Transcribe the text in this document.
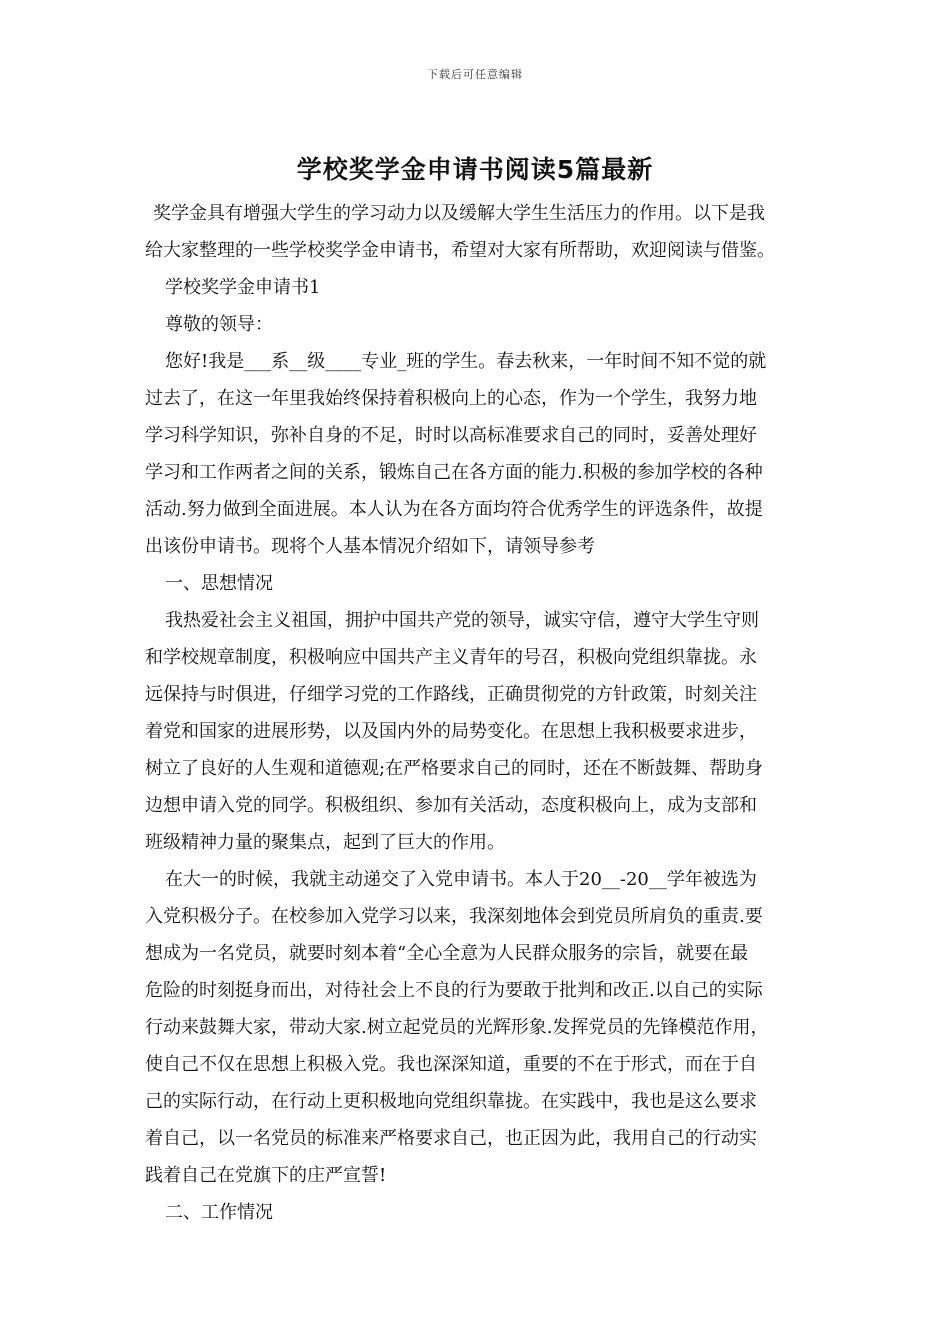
下载后可任意编辑
学校奖学金申请书阅读5篇最新
奖学金具有增强大学生的学习动力以及缓解大学生生活压力的作用。以下是我
给大家整理的一些学校奖学金申请书，希望对大家有所帮助，欢迎阅读与借鉴。
学校奖学金申请书1
尊敬的领导：
您好!我是___系__级____专业_班的学生。春去秋来，一年时间不知不觉的就
过去了，在这一年里我始终保持着积极向上的心态，作为一个学生，我努力地
学习科学知识，弥补自身的不足，时时以高标准要求自己的同时，妥善处理好
学习和工作两者之间的关系，锻炼自己在各方面的能力.积极的参加学校的各种
活动.努力做到全面进展。本人认为在各方面均符合优秀学生的评选条件，故提
出该份申请书。现将个人基本情况介绍如下，请领导参考
一、思想情况
我热爱社会主义祖国，拥护中国共产党的领导，诚实守信，遵守大学生守则
和学校规章制度，积极响应中国共产主义青年的号召，积极向党组织靠拢。永
远保持与时俱进，仔细学习党的工作路线，正确贯彻党的方针政策，时刻关注
着党和国家的进展形势，以及国内外的局势变化。在思想上我积极要求进步，
树立了良好的人生观和道德观;在严格要求自己的同时，还在不断鼓舞、帮助身
边想申请入党的同学。积极组织、参加有关活动，态度积极向上，成为支部和
班级精神力量的聚集点，起到了巨大的作用。
在大一的时候，我就主动递交了入党申请书。本人于20__-20__学年被选为
入党积极分子。在校参加入党学习以来，我深刻地体会到党员所肩负的重责.要
想成为一名党员，就要时刻本着“全心全意为人民群众服务的宗旨，就要在最
危险的时刻挺身而出，对待社会上不良的行为要敢于批判和改正.以自己的实际
行动来鼓舞大家，带动大家.树立起党员的光辉形象.发挥党员的先锋模范作用，
使自己不仅在思想上积极入党。我也深深知道，重要的不在于形式，而在于自
己的实际行动，在行动上更积极地向党组织靠拢。在实践中，我也是这么要求
着自己，以一名党员的标准来严格要求自己，也正因为此，我用自己的行动实
践着自己在党旗下的庄严宣誓!
二、工作情况
